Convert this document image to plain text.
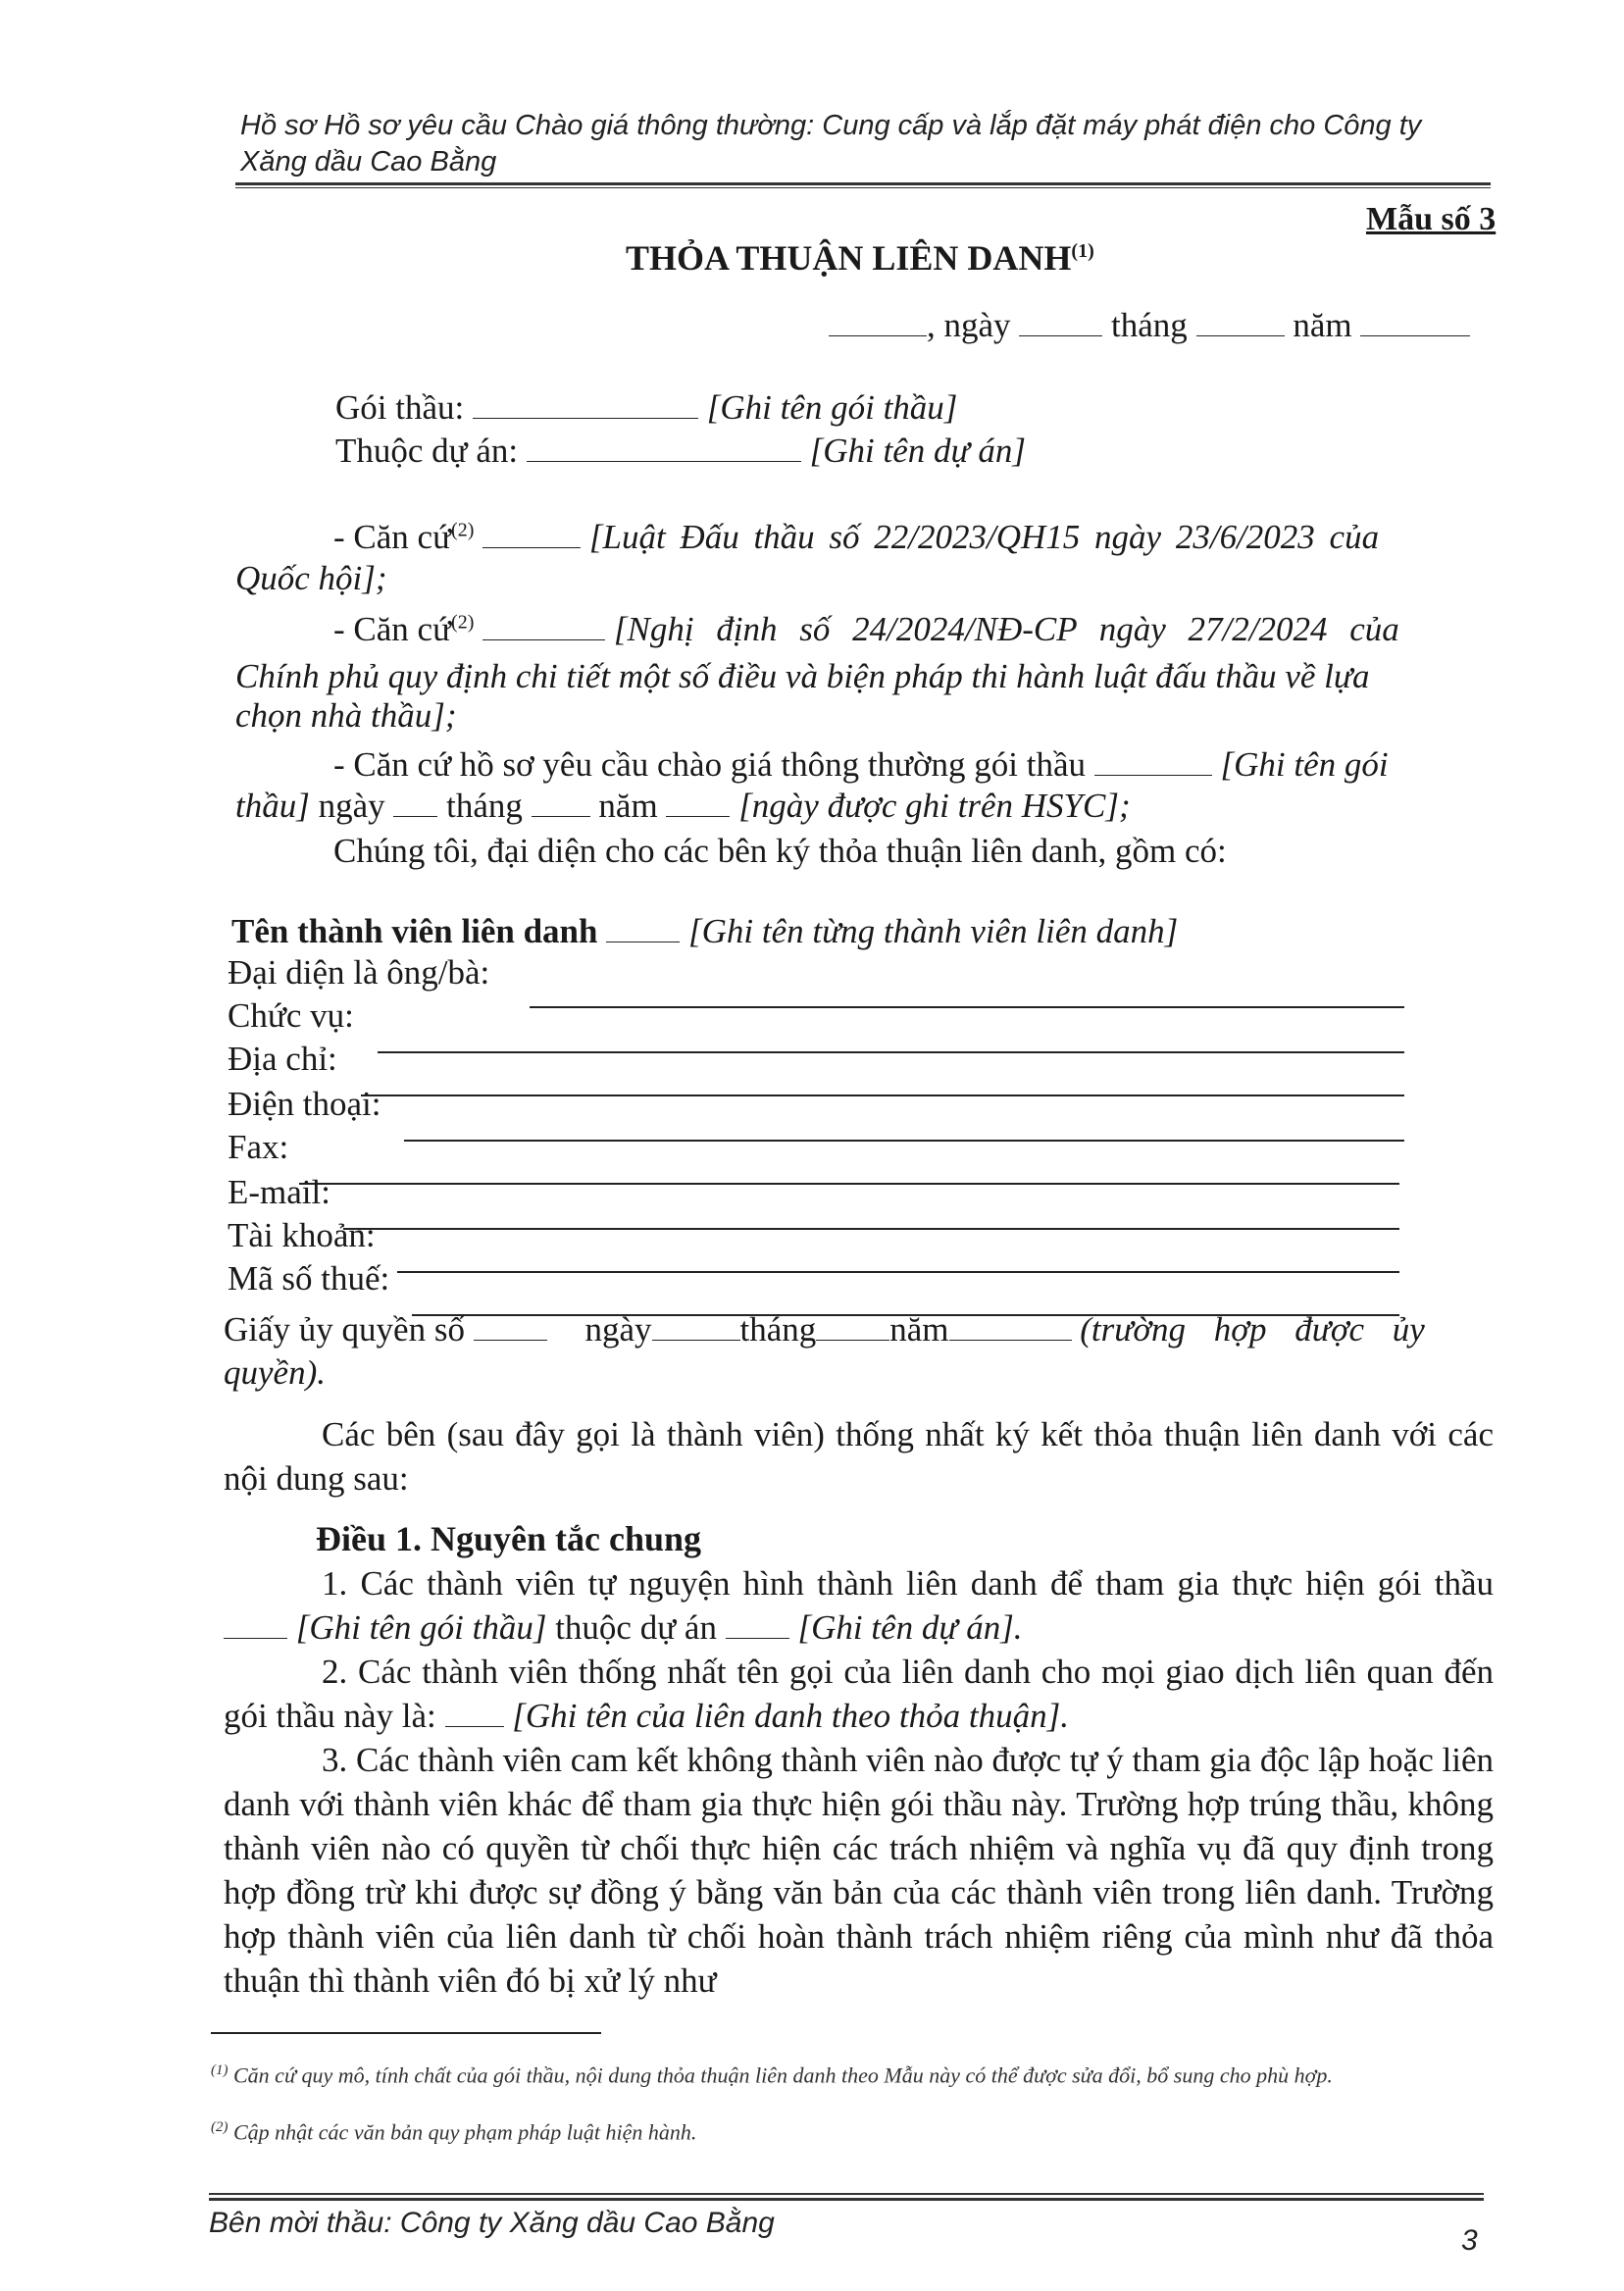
Hồ sơ Hồ sơ yêu cầu Chào giá thông thường: Cung cấp và lắp đặt máy phát điện cho Công ty
Xăng dầu Cao Bằng
Mẫu số 3
THỎA THUẬN LIÊN DANH$^{(1)}$
, ngày	tháng	năm
Gói thầu:	[Ghi tên gói thầu]
Thuộc dự án:	[Ghi tên dự án]
- Căn cứ$^{(2)}$	[Luật Đấu thầu số 22/2023/QH15 ngày 23/6/2023 của
Quốc hội];
- Căn cứ$^{(2)}$	[Nghị định số 24/2024/NĐ-CP ngày 27/2/2024 của
Chính phủ quy định chi tiết một số điều và biện pháp thi hành luật đấu thầu về lựa
chọn nhà thầu];
- Căn cứ hồ sơ yêu cầu chào giá thông thường gói thầu	[Ghi tên gói
thầu] ngày tháng năm [ngày được ghi trên HSYC];
Chúng tôi, đại diện cho các bên ký thỏa thuận liên danh, gồm có:
Tên thành viên liên danh	[Ghi tên từng thành viên liên danh]
Đại diện là ông/bà:
Chức vụ:
Địa chỉ:
Điện thoại:
Fax:
E-mail:
Tài khoản:
Mã số thuế:
Giấy ủy quyền số	ngày	tháng năm	(trường hợp được ủy
quyền).

Các bên (sau đây gọi là thành viên) thống nhất ký kết thỏa thuận liên danh với các nội dung sau:

Điều 1. Nguyên tắc chung

1. Các thành viên tự nguyện hình thành liên danh để tham gia thực hiện gói thầu  [Ghi tên gói thầu] thuộc dự án [Ghi tên dự án].

2. Các thành viên thống nhất tên gọi của liên danh cho mọi giao dịch liên quan đến gói thầu này là: [Ghi tên của liên danh theo thỏa thuận].

3. Các thành viên cam kết không thành viên nào được tự ý tham gia độc lập hoặc liên danh với thành viên khác để tham gia thực hiện gói thầu này. Trường hợp trúng thầu, không thành viên nào có quyền từ chối thực hiện các trách nhiệm và nghĩa vụ đã quy định trong hợp đồng trừ khi được sự đồng ý bằng văn bản của các thành viên trong liên danh. Trường hợp thành viên của liên danh từ chối hoàn thành trách nhiệm riêng của mình như đã thỏa thuận thì thành viên đó bị xử lý như

$^{(1)}$ Căn cứ quy mô, tính chất của gói thầu, nội dung thỏa thuận liên danh theo Mẫu này có thể được sửa đổi, bổ sung cho phù hợp.
$^{(2)}$ Cập nhật các văn bản quy phạm pháp luật hiện hành.
Bên mời thầu: Công ty Xăng dầu Cao Bằng
3
